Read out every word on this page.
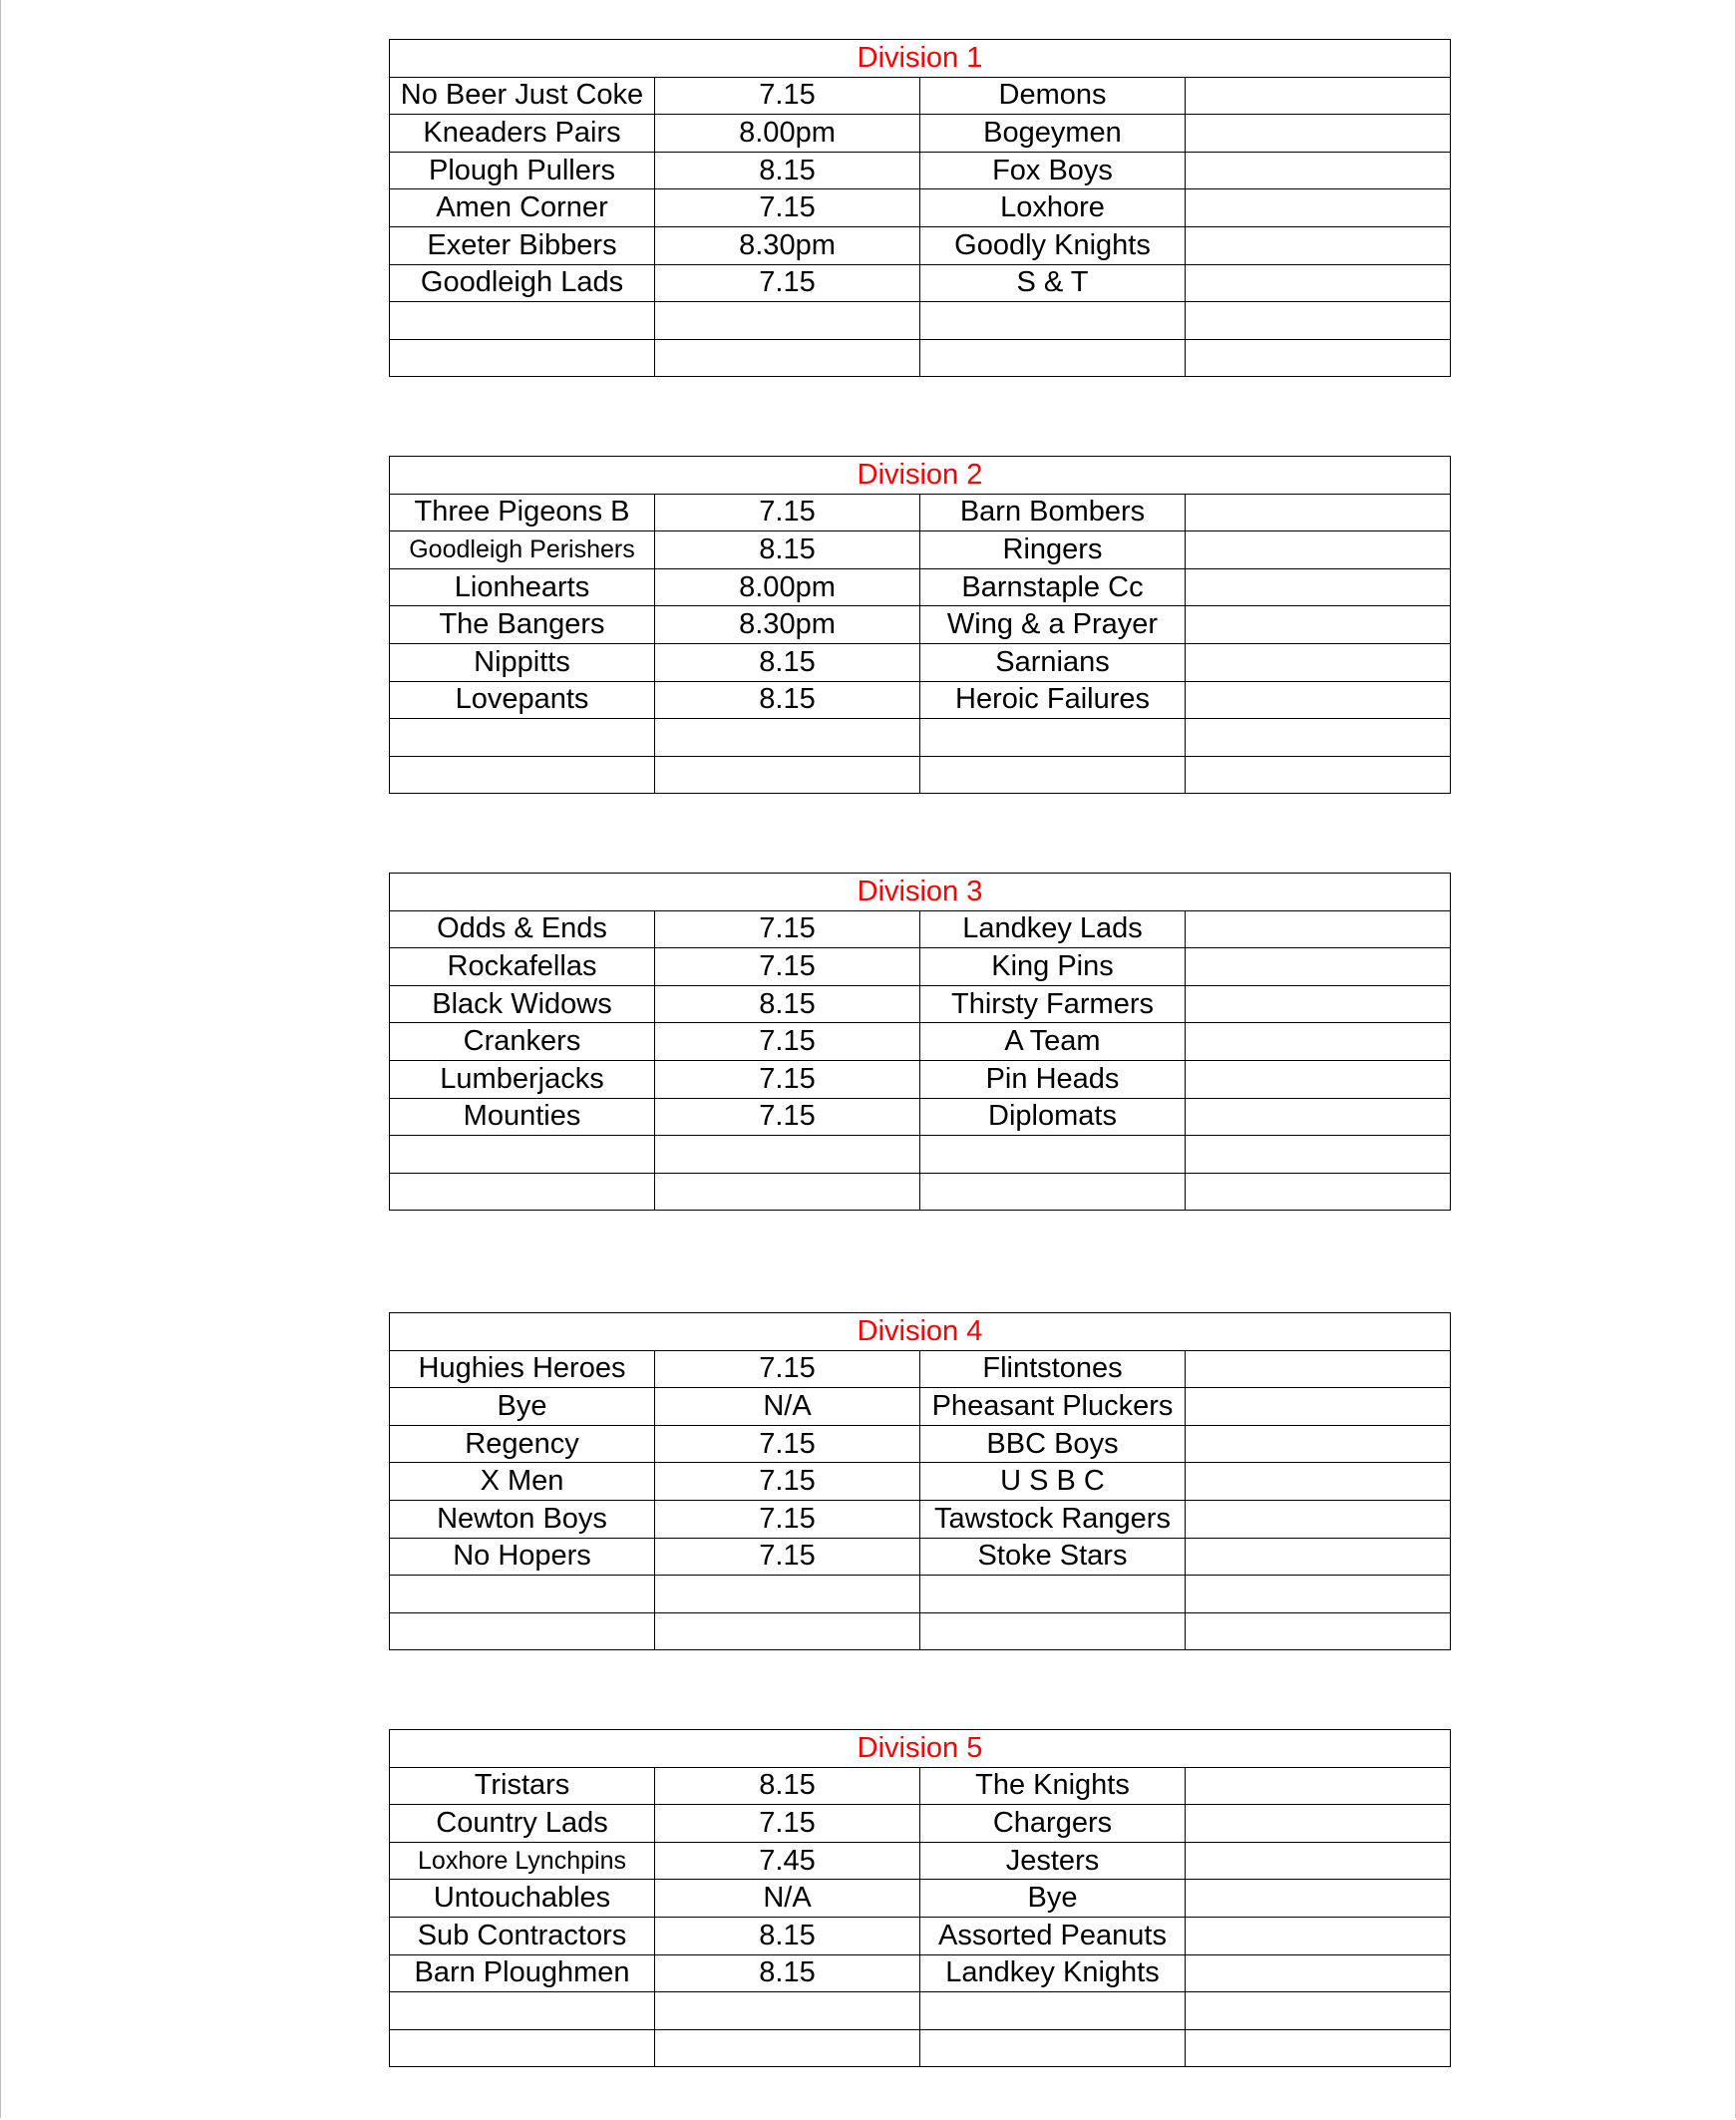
Division 1			
No Beer Just Coke	7.15	Demons	
Kneaders Pairs	8.00pm	Bogeymen	
Plough Pullers	8.15	Fox Boys	
Amen Corner	7.15	Loxhore	
Exeter Bibbers	8.30pm	Goodly Knights	
Goodleigh Lads	7.15	S & T	

Division 2			
Three Pigeons B	7.15	Barn Bombers	
Goodleigh Perishers	8.15	Ringers	
Lionhearts	8.00pm	Barnstaple Cc	
The Bangers	8.30pm	Wing & a Prayer	
Nippitts	8.15	Sarnians	
Lovepants	8.15	Heroic Failures	

Division 3			
Odds & Ends	7.15	Landkey Lads	
Rockafellas	7.15	King Pins	
Black Widows	8.15	Thirsty Farmers	
Crankers	7.15	A Team	
Lumberjacks	7.15	Pin Heads	
Mounties	7.15	Diplomats	

Division 4			
Hughies Heroes	7.15	Flintstones	
Bye	N/A	Pheasant Pluckers	
Regency	7.15	BBC Boys	
X Men	7.15	U S B C	
Newton Boys	7.15	Tawstock Rangers	
No Hopers	7.15	Stoke Stars	

Division 5			
Tristars	8.15	The Knights	
Country Lads	7.15	Chargers	
Loxhore Lynchpins	7.45	Jesters	
Untouchables	N/A	Bye	
Sub Contractors	8.15	Assorted Peanuts	
Barn Ploughmen	8.15	Landkey Knights	
